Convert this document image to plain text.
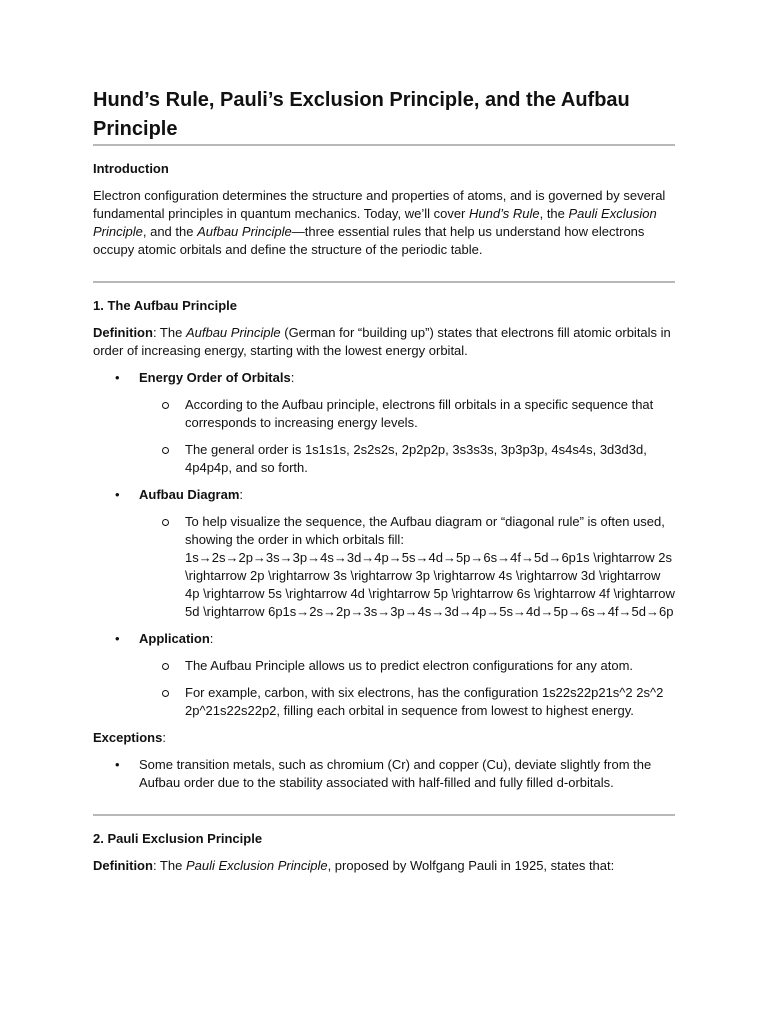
Hund’s Rule, Pauli’s Exclusion Principle, and the Aufbau Principle
Introduction

Electron configuration determines the structure and properties of atoms, and is governed by several fundamental principles in quantum mechanics. Today, we’ll cover Hund’s Rule, the Pauli Exclusion Principle, and the Aufbau Principle—three essential rules that help us understand how electrons occupy atomic orbitals and define the structure of the periodic table.

1. The Aufbau Principle

Definition: The Aufbau Principle (German for “building up”) states that electrons fill atomic orbitals in order of increasing energy, starting with the lowest energy orbital.

• Energy Order of Orbitals:
According to the Aufbau principle, electrons fill orbitals in a specific sequence that corresponds to increasing energy levels.
The general order is 1s1s1s, 2s2s2s, 2p2p2p, 3s3s3s, 3p3p3p, 4s4s4s, 3d3d3d, 4p4p4p, and so forth.
• Aufbau Diagram:
To help visualize the sequence, the Aufbau diagram or “diagonal rule” is often used, showing the order in which orbitals fill:
1s→2s→2p→3s→3p→4s→3d→4p→5s→4d→5p→6s→4f→5d→6p1s \rightarrow 2s \rightarrow 2p \rightarrow 3s \rightarrow 3p \rightarrow 4s \rightarrow 3d \rightarrow 4p \rightarrow 5s \rightarrow 4d \rightarrow 5p \rightarrow 6s \rightarrow 4f \rightarrow 5d \rightarrow 6p1s→2s→2p→3s→3p→4s→3d→4p→5s→4d→5p→6s→4f→5d→6p
• Application:
The Aufbau Principle allows us to predict electron configurations for any atom.
For example, carbon, with six electrons, has the configuration 1s22s22p21s^2 2s^2 2p^21s22s22p2, filling each orbital in sequence from lowest to highest energy.

Exceptions:

• Some transition metals, such as chromium (Cr) and copper (Cu), deviate slightly from the Aufbau order due to the stability associated with half-filled and fully filled d-orbitals.
2. Pauli Exclusion Principle

Definition: The Pauli Exclusion Principle, proposed by Wolfgang Pauli in 1925, states that:
